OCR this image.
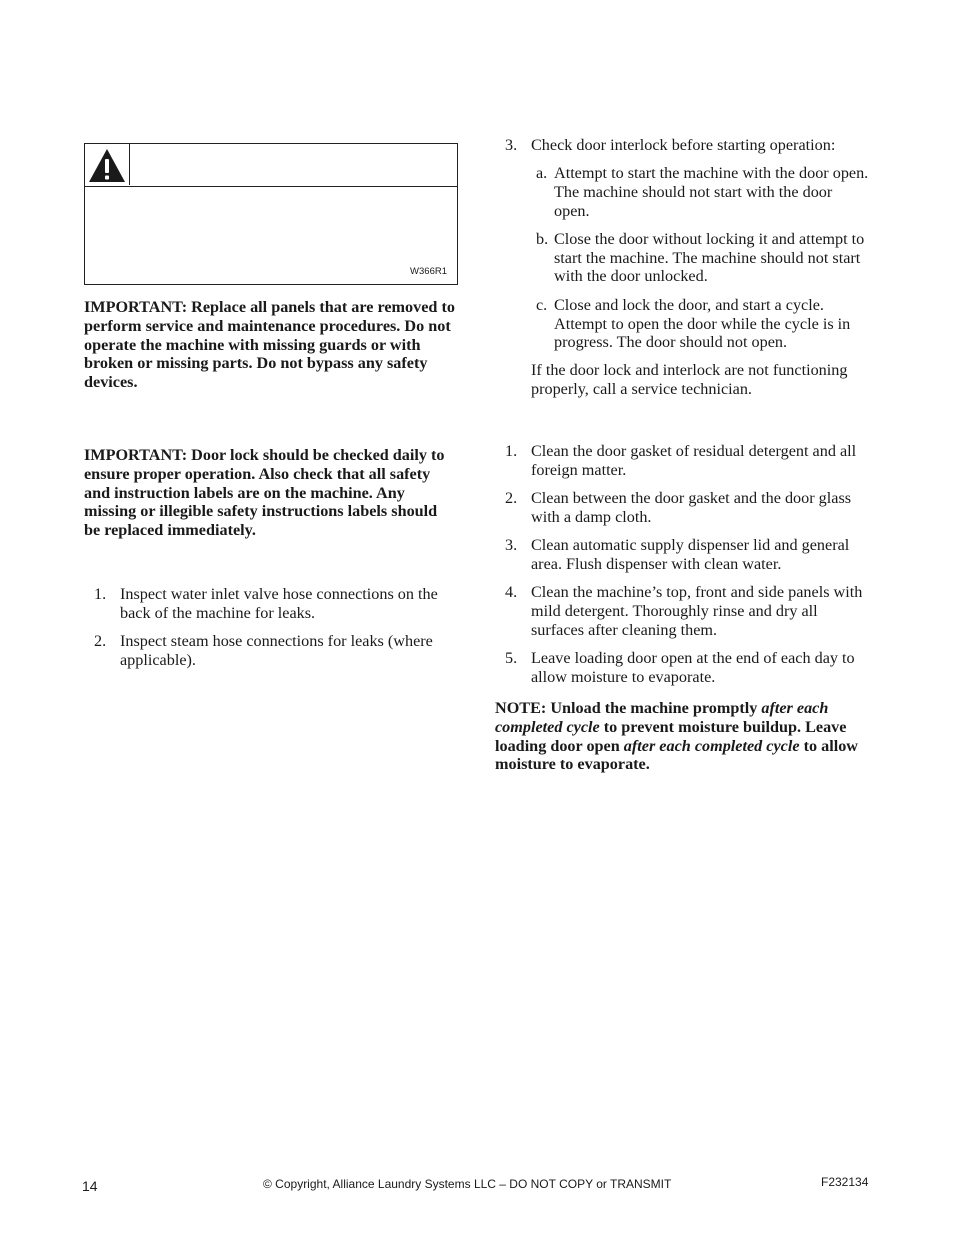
W366R1
IMPORTANT: Replace all panels that are removed to perform service and maintenance procedures. Do not operate the machine with missing guards or with broken or missing parts. Do not bypass any safety devices.
IMPORTANT: Door lock should be checked daily to ensure proper operation. Also check that all safety and instruction labels are on the machine. Any missing or illegible safety instructions labels should be replaced immediately.
1. Inspect water inlet valve hose connections on the back of the machine for leaks.
2. Inspect steam hose connections for leaks (where applicable).
3. Check door interlock before starting operation:
a. Attempt to start the machine with the door open. The machine should not start with the door open.
b. Close the door without locking it and attempt to start the machine. The machine should not start with the door unlocked.
c. Close and lock the door, and start a cycle. Attempt to open the door while the cycle is in progress. The door should not open.
If the door lock and interlock are not functioning properly, call a service technician.
1. Clean the door gasket of residual detergent and all foreign matter.
2. Clean between the door gasket and the door glass with a damp cloth.
3. Clean automatic supply dispenser lid and general area. Flush dispenser with clean water.
4. Clean the machine’s top, front and side panels with mild detergent. Thoroughly rinse and dry all surfaces after cleaning them.
5. Leave loading door open at the end of each day to allow moisture to evaporate.
NOTE: Unload the machine promptly after each completed cycle to prevent moisture buildup. Leave loading door open after each completed cycle to allow moisture to evaporate.
14	© Copyright, Alliance Laundry Systems LLC – DO NOT COPY or TRANSMIT	F232134
